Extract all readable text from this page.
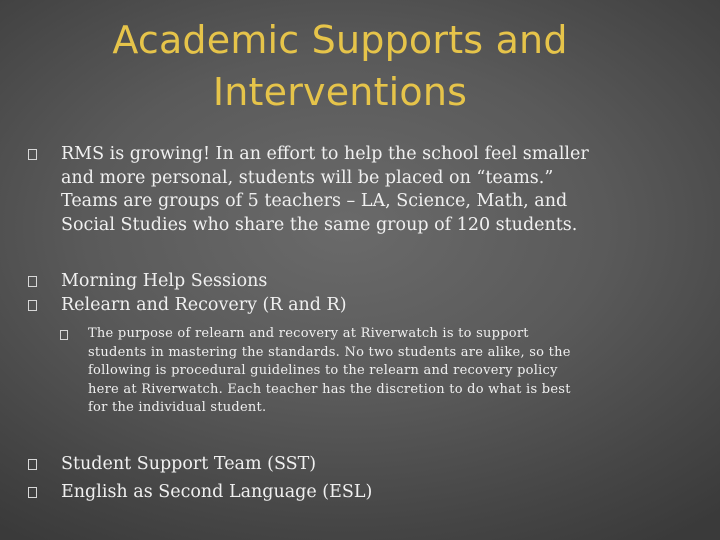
Academic Supports and
Interventions
RMS is growing! In an effort to help the school feel smaller and more personal, students will be placed on “teams.” Teams are groups of 5 teachers – LA, Science, Math, and Social Studies who share the same group of 120 students.
Morning Help Sessions
Relearn and Recovery (R and R)
The purpose of relearn and recovery at Riverwatch is to support students in mastering the standards. No two students are alike, so the following is procedural guidelines to the relearn and recovery policy here at Riverwatch. Each teacher has the discretion to do what is best for the individual student.
Student Support Team (SST)
English as Second Language (ESL)
